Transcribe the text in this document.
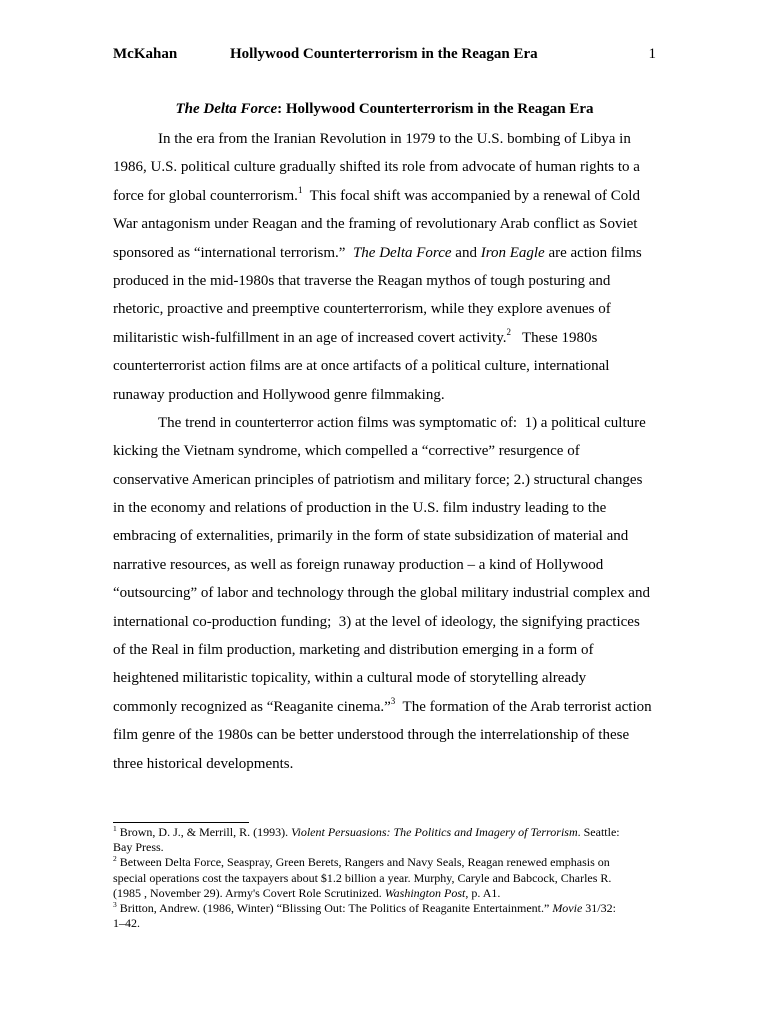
McKahan	Hollywood Counterterrorism in the Reagan Era	1
The Delta Force: Hollywood Counterterrorism in the Reagan Era
In the era from the Iranian Revolution in 1979 to the U.S. bombing of Libya in
1986, U.S. political culture gradually shifted its role from advocate of human rights to a
force for global counterrorism.$^1$  This focal shift was accompanied by a renewal of Cold
War antagonism under Reagan and the framing of revolutionary Arab conflict as Soviet
sponsored as “international terrorism.”  The Delta Force and Iron Eagle are action films
produced in the mid-1980s that traverse the Reagan mythos of tough posturing and
rhetoric, proactive and preemptive counterterrorism, while they explore avenues of
militaristic wish-fulfillment in an age of increased covert activity.$^2$   These 1980s
counterterrorist action films are at once artifacts of a political culture, international
runaway production and Hollywood genre filmmaking.
The trend in counterterror action films was symptomatic of:  1) a political culture
kicking the Vietnam syndrome, which compelled a “corrective” resurgence of
conservative American principles of patriotism and military force; 2.) structural changes
in the economy and relations of production in the U.S. film industry leading to the
embracing of externalities, primarily in the form of state subsidization of material and
narrative resources, as well as foreign runaway production – a kind of Hollywood
“outsourcing” of labor and technology through the global military industrial complex and
international co-production funding;  3) at the level of ideology, the signifying practices
of the Real in film production, marketing and distribution emerging in a form of
heightened militaristic topicality, within a cultural mode of storytelling already
commonly recognized as “Reaganite cinema.”$^3$  The formation of the Arab terrorist action
film genre of the 1980s can be better understood through the interrelationship of these
three historical developments.
$^1$ Brown, D. J., & Merrill, R. (1993). Violent Persuasions: The Politics and Imagery of Terrorism. Seattle:
Bay Press.
$^2$ Between Delta Force, Seaspray, Green Berets, Rangers and Navy Seals, Reagan renewed emphasis on
special operations cost the taxpayers about $1.2 billion a year. Murphy, Caryle and Babcock, Charles R.
(1985 , November 29). Army's Covert Role Scrutinized. Washington Post, p. A1.
$^3$ Britton, Andrew. (1986, Winter) “Blissing Out: The Politics of Reaganite Entertainment.” Movie 31/32:
1–42.
